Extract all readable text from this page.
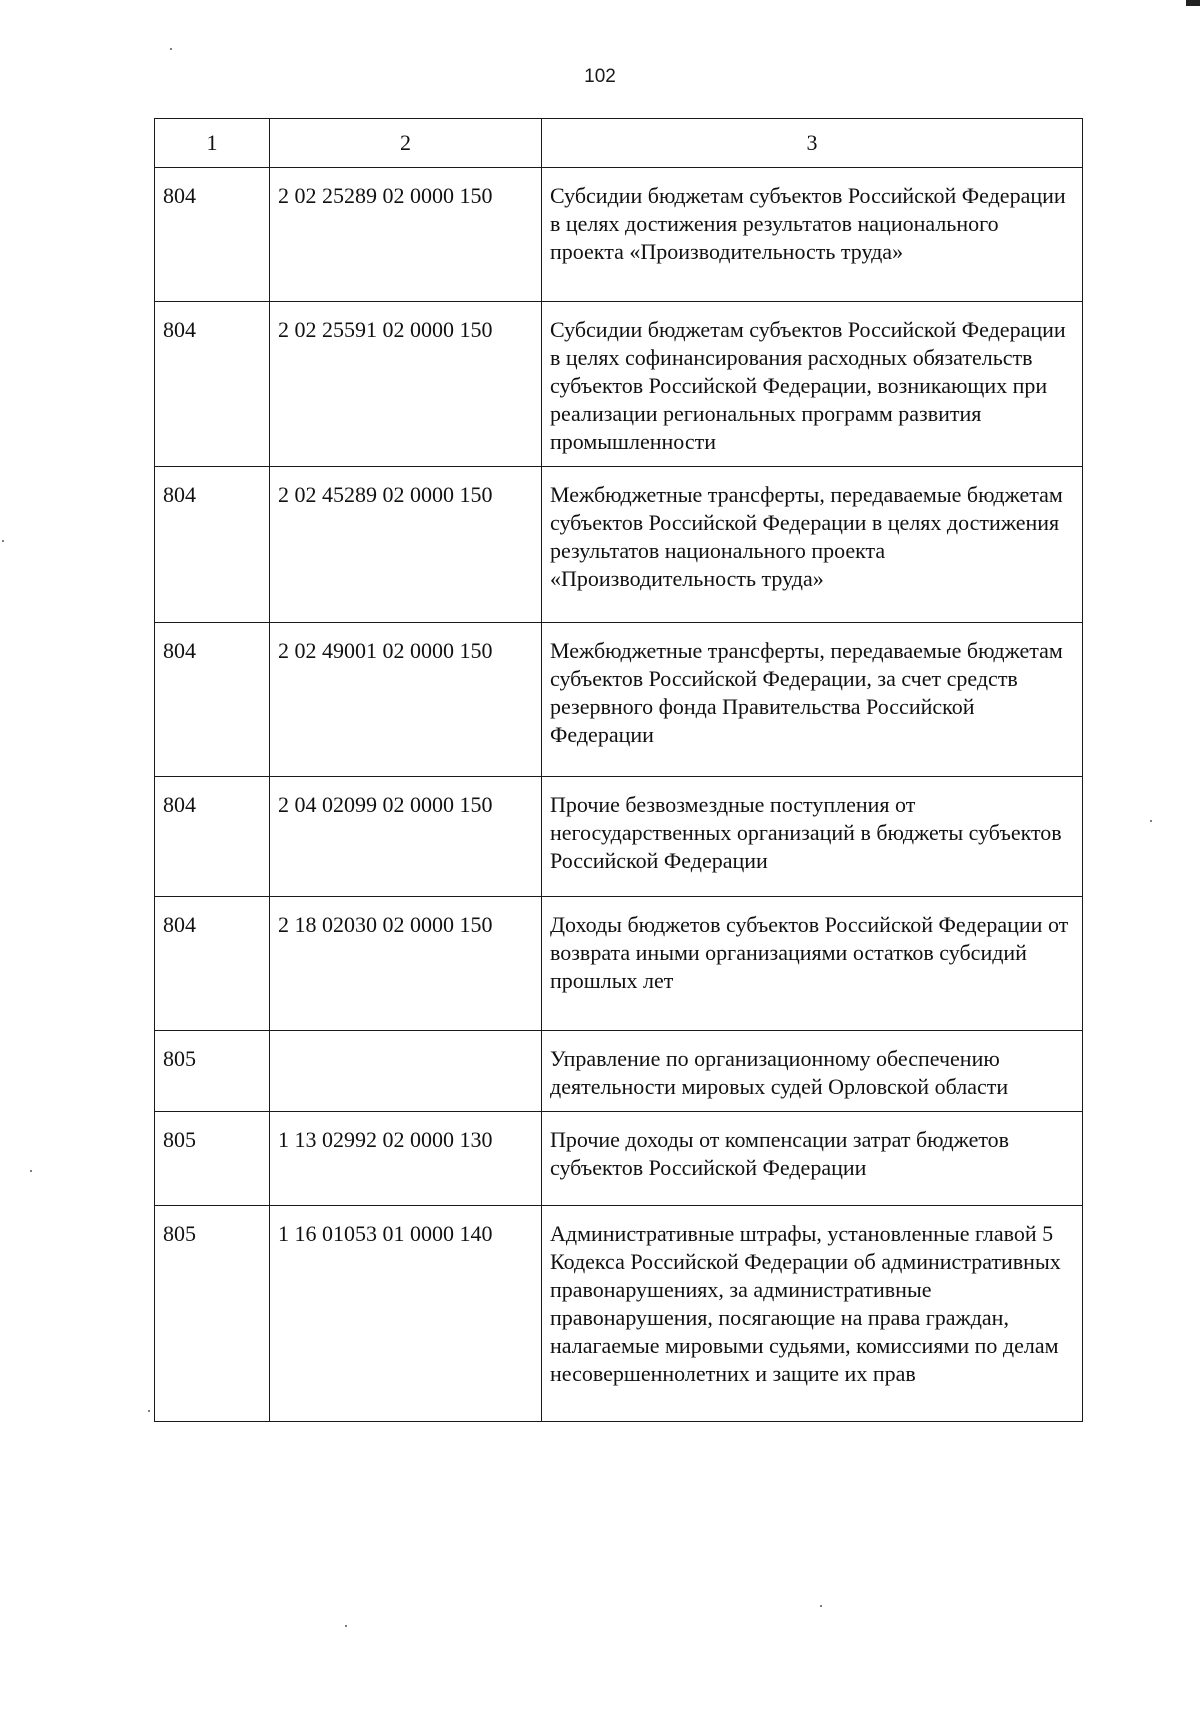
102
1	2	3
804	2 02 25289 02 0000 150	Субсидии бюджетам субъектов Российской Федерации в целях достижения результатов национального проекта «Производительность труда»
804	2 02 25591 02 0000 150	Субсидии бюджетам субъектов Российской Федерации в целях софинансирования расходных обязательств субъектов Российской Федерации, возникающих при реализации региональных программ развития промышленности
804	2 02 45289 02 0000 150	Межбюджетные трансферты, передаваемые бюджетам субъектов Российской Федерации в целях достижения результатов национального проекта «Производительность труда»
804	2 02 49001 02 0000 150	Межбюджетные трансферты, передаваемые бюджетам субъектов Российской Федерации, за счет средств резервного фонда Правительства Российской Федерации
804	2 04 02099 02 0000 150	Прочие безвозмездные поступления от негосударственных организаций в бюджеты субъектов Российской Федерации
804	2 18 02030 02 0000 150	Доходы бюджетов субъектов Российской Федерации от возврата иными организациями остатков субсидий прошлых лет
805		Управление по организационному обеспечению деятельности мировых судей Орловской области
805	1 13 02992 02 0000 130	Прочие доходы от компенсации затрат бюджетов субъектов Российской Федерации
805	1 16 01053 01 0000 140	Административные штрафы, установленные главой 5 Кодекса Российской Федерации об административных правонарушениях, за административные правонарушения, посягающие на права граждан, налагаемые мировыми судьями, комиссиями по делам несовершеннолетних и защите их прав
